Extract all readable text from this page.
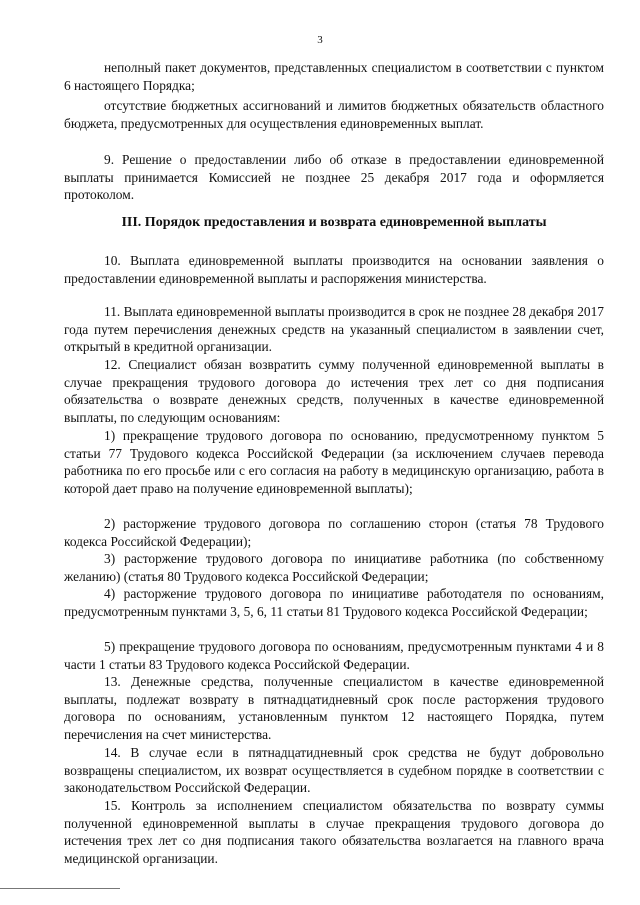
3
неполный пакет документов, представленных специалистом в соответствии с пунктом 6 настоящего Порядка;
отсутствие бюджетных ассигнований и лимитов бюджетных обязательств областного бюджета, предусмотренных для осуществления единовременных выплат.
9. Решение о предоставлении либо об отказе в предоставлении единовременной выплаты принимается Комиссией не позднее 25 декабря 2017 года и оформляется протоколом.
III. Порядок предоставления и возврата единовременной выплаты
10. Выплата единовременной выплаты производится на основании заявления о предоставлении единовременной выплаты и распоряжения министерства.
11. Выплата единовременной выплаты производится в срок не позднее 28 декабря 2017 года путем перечисления денежных средств на указанный специалистом в заявлении счет, открытый в кредитной организации.
12. Специалист обязан возвратить сумму полученной единовременной выплаты в случае прекращения трудового договора до истечения трех лет со дня подписания обязательства о возврате денежных средств, полученных в качестве единовременной выплаты, по следующим основаниям:
1) прекращение трудового договора по основанию, предусмотренному пунктом 5 статьи 77 Трудового кодекса Российской Федерации (за исключением случаев перевода работника по его просьбе или с его согласия на работу в медицинскую организацию, работа в которой дает право на получение единовременной выплаты);
2) расторжение трудового договора по соглашению сторон (статья 78 Трудового кодекса Российской Федерации);
3) расторжение трудового договора по инициативе работника (по собственному желанию) (статья 80 Трудового кодекса Российской Федерации;
4) расторжение трудового договора по инициативе работодателя по основаниям, предусмотренным пунктами 3, 5, 6, 11 статьи 81 Трудового кодекса Российской Федерации;
5) прекращение трудового договора по основаниям, предусмотренным пунктами 4 и 8 части 1 статьи 83 Трудового кодекса Российской Федерации.
13. Денежные средства, полученные специалистом в качестве единовременной выплаты, подлежат возврату в пятнадцатидневный срок после расторжения трудового договора по основаниям, установленным пунктом 12 настоящего Порядка, путем перечисления на счет министерства.
14. В случае если в пятнадцатидневный срок средства не будут добровольно возвращены специалистом, их возврат осуществляется в судебном порядке в соответствии с законодательством Российской Федерации.
15. Контроль за исполнением специалистом обязательства по возврату суммы полученной единовременной выплаты в случае прекращения трудового договора до истечения трех лет со дня подписания такого обязательства возлагается на главного врача медицинской организации.
